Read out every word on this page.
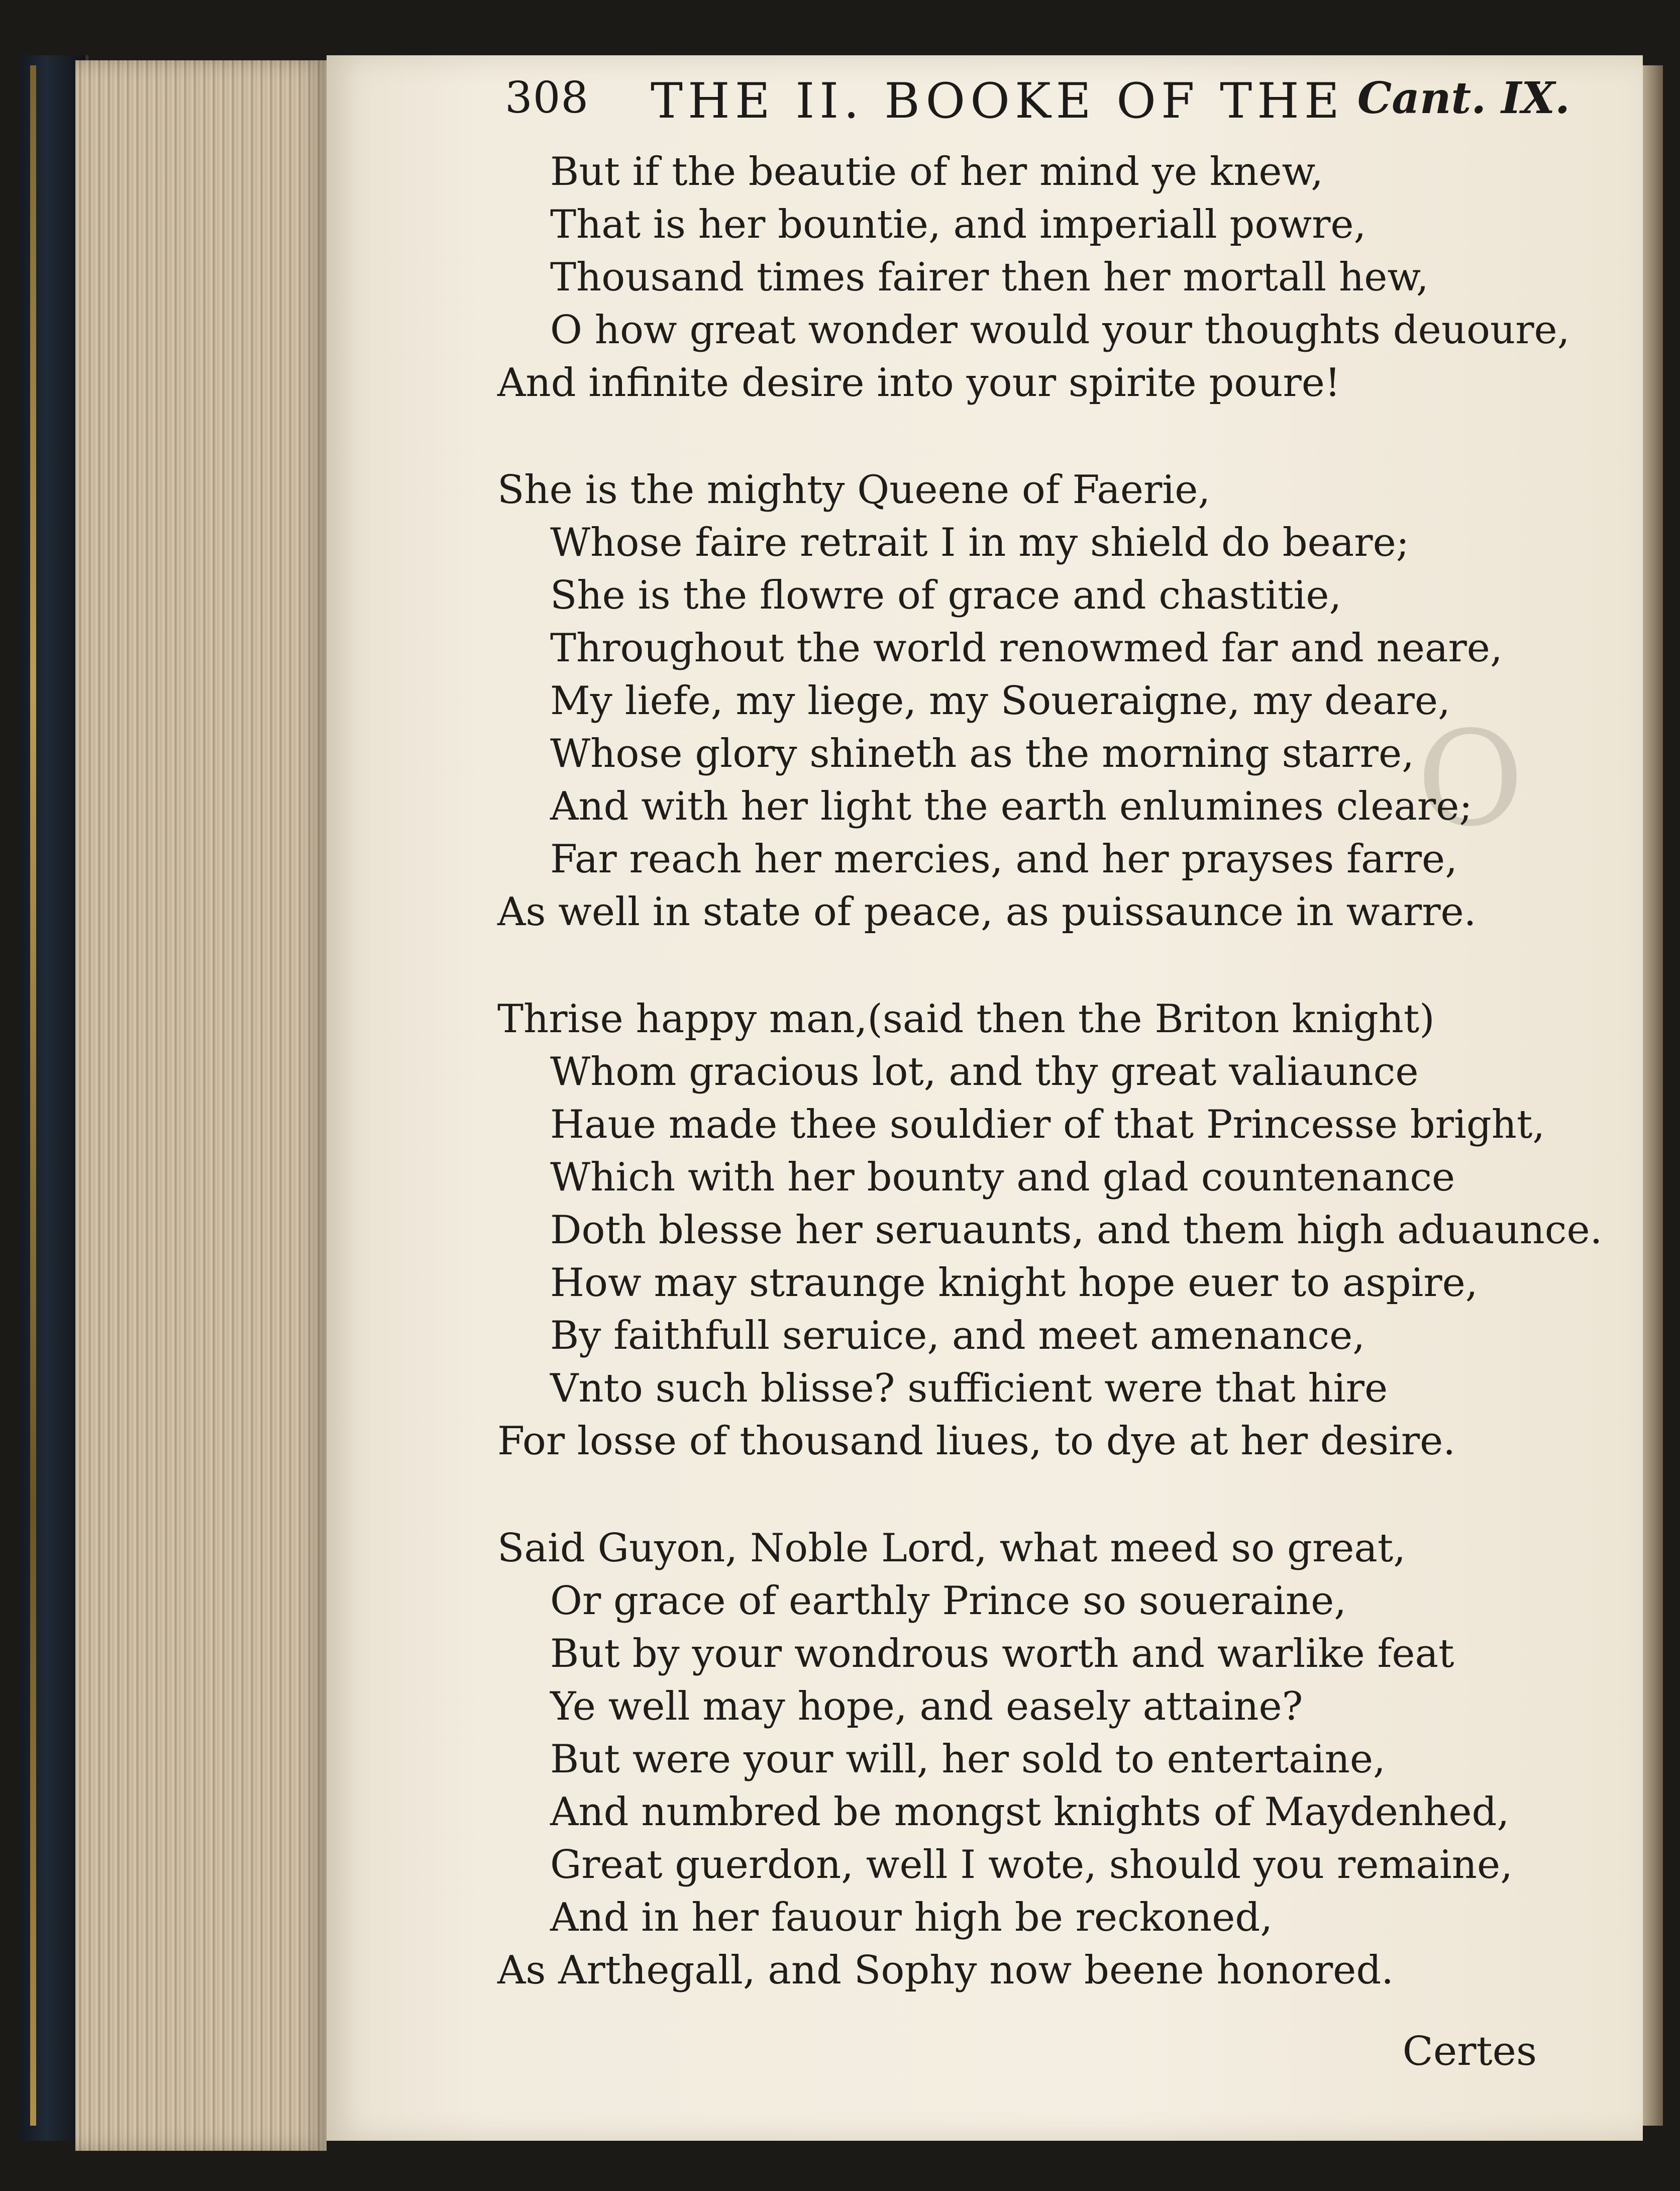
O
308 THE II. BOOKE OF THE Cant. IX.
But if the beautie of her mind ye knew,
That is her bountie, and imperiall powre,
Thousand times fairer then her mortall hew,
O how great wonder would your thoughts deuoure,
And infinite desire into your spirite poure!
She is the mighty Queene of Faerie,
Whose faire retrait I in my shield do beare;
She is the flowre of grace and chastitie,
Throughout the world renowmed far and neare,
My liefe, my liege, my Soueraigne, my deare,
Whose glory shineth as the morning starre,
And with her light the earth enlumines cleare;
Far reach her mercies, and her prayses farre,
As well in state of peace, as puissaunce in warre.
Thrise happy man,(said then the Briton knight)
Whom gracious lot, and thy great valiaunce
Haue made thee souldier of that Princesse bright,
Which with her bounty and glad countenance
Doth blesse her seruaunts, and them high aduaunce.
How may straunge knight hope euer to aspire,
By faithfull seruice, and meet amenance,
Vnto such blisse? sufficient were that hire
For losse of thousand liues, to dye at her desire.
Said Guyon, Noble Lord, what meed so great,
Or grace of earthly Prince so soueraine,
But by your wondrous worth and warlike feat
Ye well may hope, and easely attaine?
But were your will, her sold to entertaine,
And numbred be mongst knights of Maydenhed,
Great guerdon, well I wote, should you remaine,
And in her fauour high be reckoned,
As Arthegall, and Sophy now beene honored.
Certes
